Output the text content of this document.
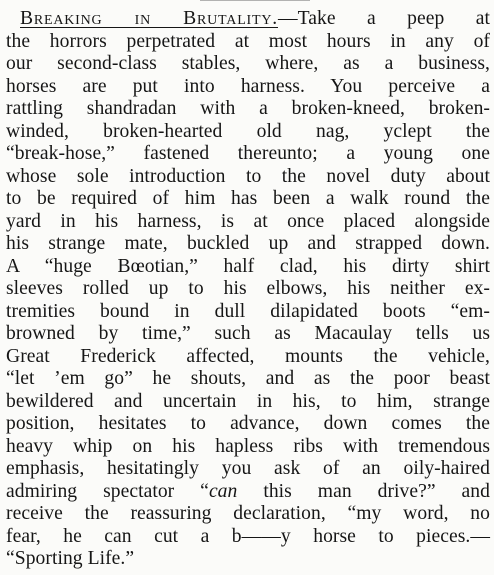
Breaking in Brutality.—Take a peep at
the horrors perpetrated at most hours in any of
our second-class stables, where, as a business,
horses are put into harness. You perceive a
rattling shandradan with a broken-kneed, broken-
winded, broken-hearted old nag, yclept the
“break-hose,” fastened thereunto; a young one
whose sole introduction to the novel duty about
to be required of him has been a walk round the
yard in his harness, is at once placed alongside
his strange mate, buckled up and strapped down.
A “huge Bœotian,” half clad, his dirty shirt
sleeves rolled up to his elbows, his neither ex-
tremities bound in dull dilapidated boots “em-
browned by time,” such as Macaulay tells us
Great Frederick affected, mounts the vehicle,
“let ’em go” he shouts, and as the poor beast
bewildered and uncertain in his, to him, strange
position, hesitates to advance, down comes the
heavy whip on his hapless ribs with tremendous
emphasis, hesitatingly you ask of an oily-haired
admiring spectator “can this man drive?” and
receive the reassuring declaration, “my word, no
fear, he can cut a b——y horse to pieces.—
“Sporting Life.”
